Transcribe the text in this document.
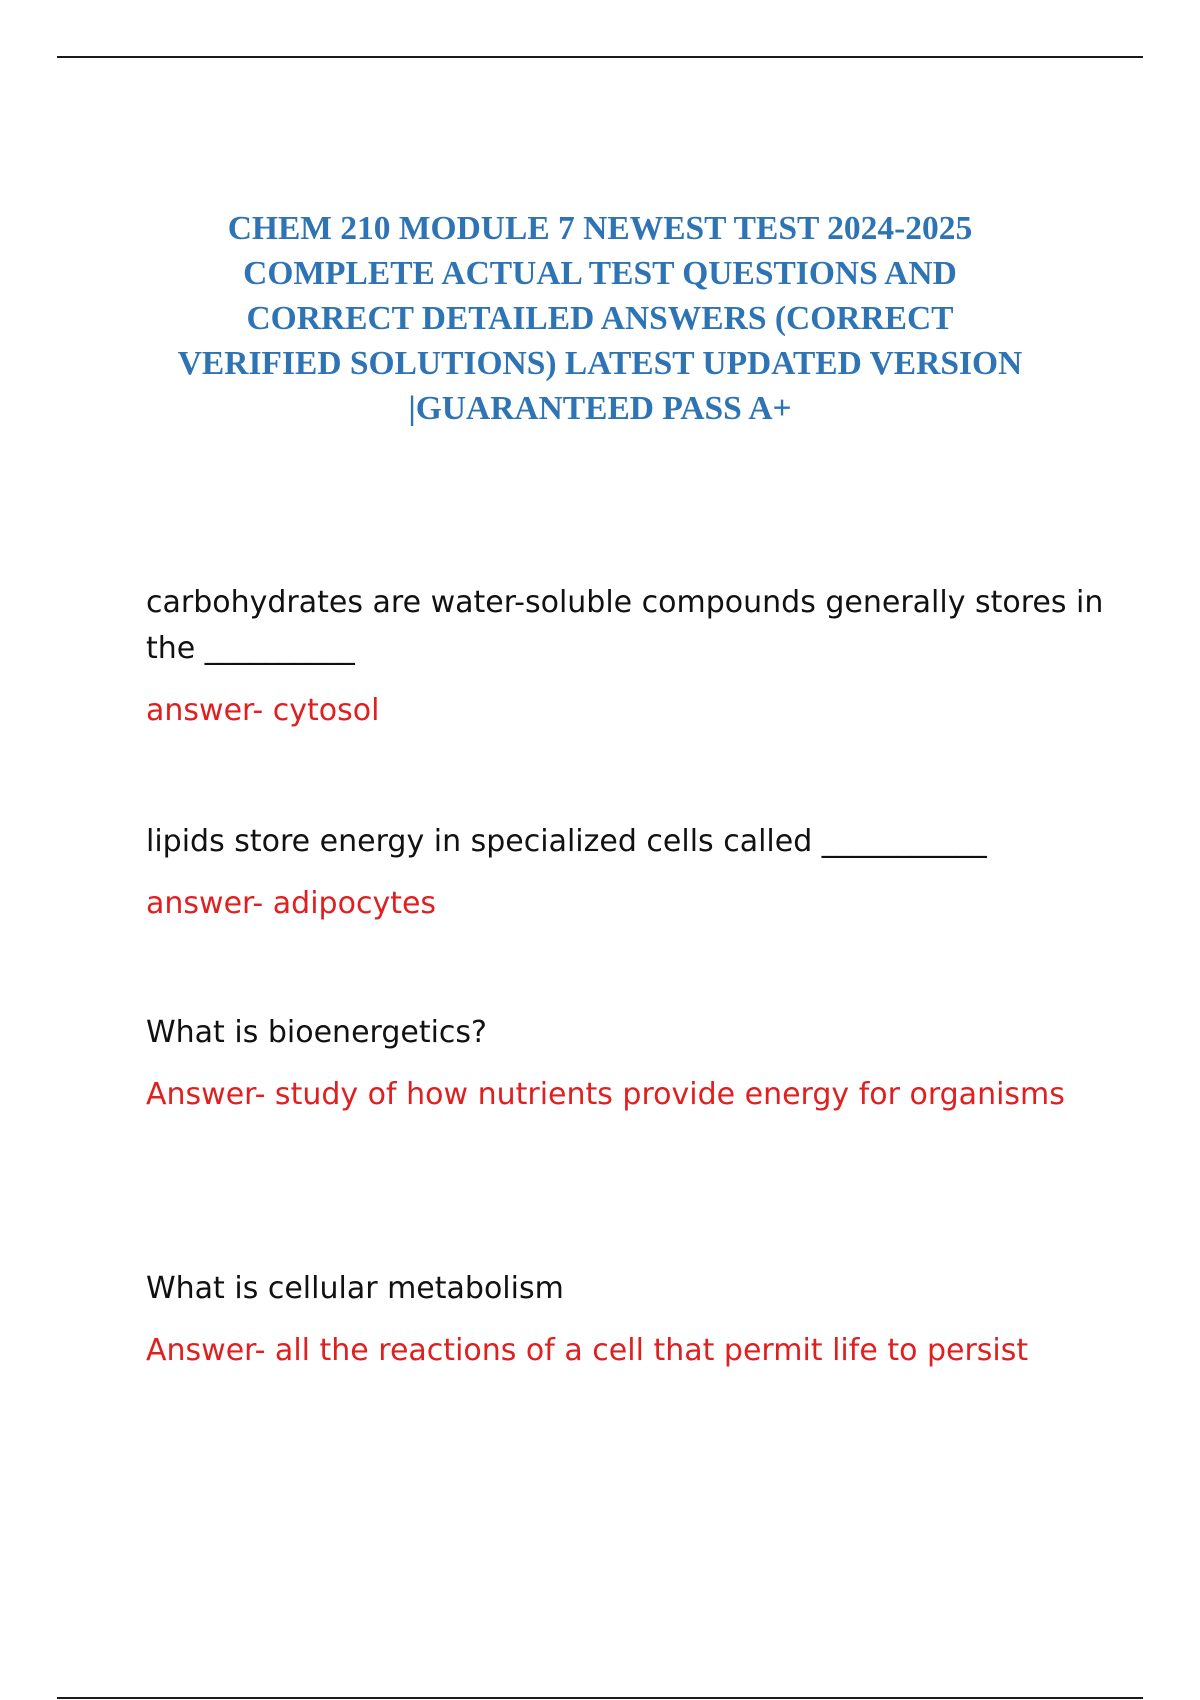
CHEM 210 MODULE 7 NEWEST TEST 2024-2025
COMPLETE ACTUAL TEST QUESTIONS AND
CORRECT DETAILED ANSWERS (CORRECT
VERIFIED SOLUTIONS) LATEST UPDATED VERSION
|GUARANTEED PASS A+

carbohydrates are water-soluble compounds generally stores in the __________

answer- cytosol

lipids store energy in specialized cells called ___________

answer- adipocytes

What is bioenergetics?

Answer- study of how nutrients provide energy for organisms

What is cellular metabolism

Answer- all the reactions of a cell that permit life to persist
